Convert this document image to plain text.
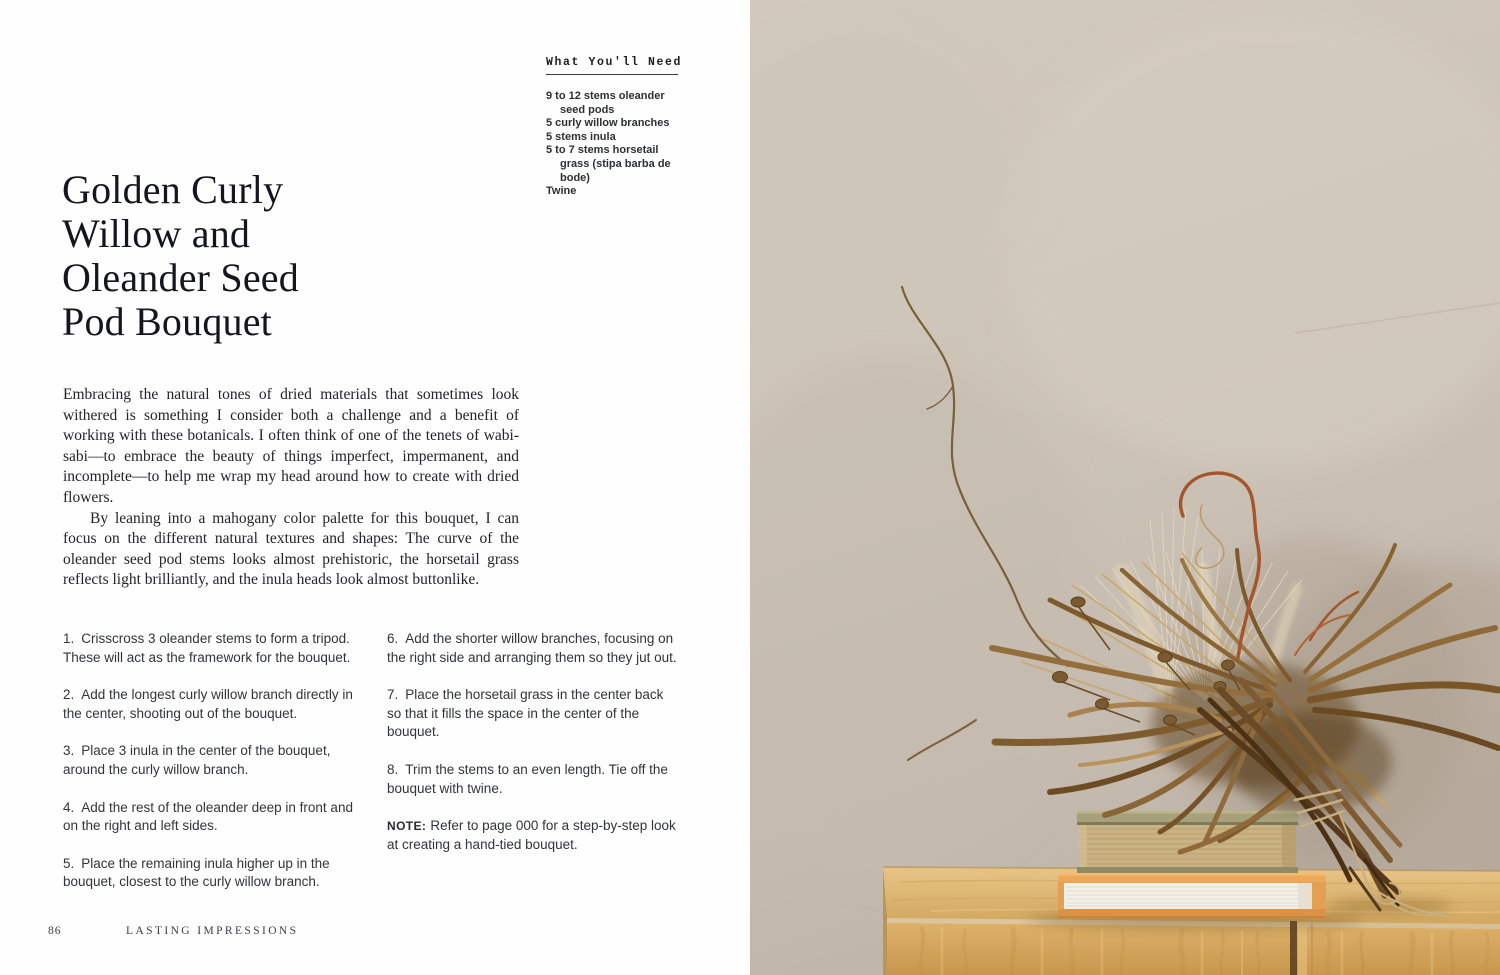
What You'll Need
9 to 12 stems oleander seed pods
5 curly willow branches
5 stems inula
5 to 7 stems horsetail grass (stipa barba de bode)
Twine
Golden Curly
Willow and
Oleander Seed
Pod Bouquet

Embracing the natural tones of dried materials that sometimes look withered is something I consider both a challenge and a benefit of working with these botanicals. I often think of one of the tenets of wabi-sabi—to embrace the beauty of things imperfect, impermanent, and incomplete—to help me wrap my head around how to create with dried flowers.

By leaning into a mahogany color palette for this bouquet, I can focus on the different natural textures and shapes: The curve of the oleander seed pod stems looks almost prehistoric, the horsetail grass reflects light brilliantly, and the inula heads look almost buttonlike.

1. Crisscross 3 oleander stems to form a tripod. These will act as the framework for the bouquet.

2. Add the longest curly willow branch directly in the center, shooting out of the bouquet.

3. Place 3 inula in the center of the bouquet, around the curly willow branch.

4. Add the rest of the oleander deep in front and on the right and left sides.

5. Place the remaining inula higher up in the bouquet, closest to the curly willow branch.

6. Add the shorter willow branches, focusing on the right side and arranging them so they jut out.

7. Place the horsetail grass in the center back so that it fills the space in the center of the bouquet.

8. Trim the stems to an even length. Tie off the bouquet with twine.

NOTE: Refer to page 000 for a step-by-step look at creating a hand-tied bouquet.

86	LASTING IMPRESSIONS
